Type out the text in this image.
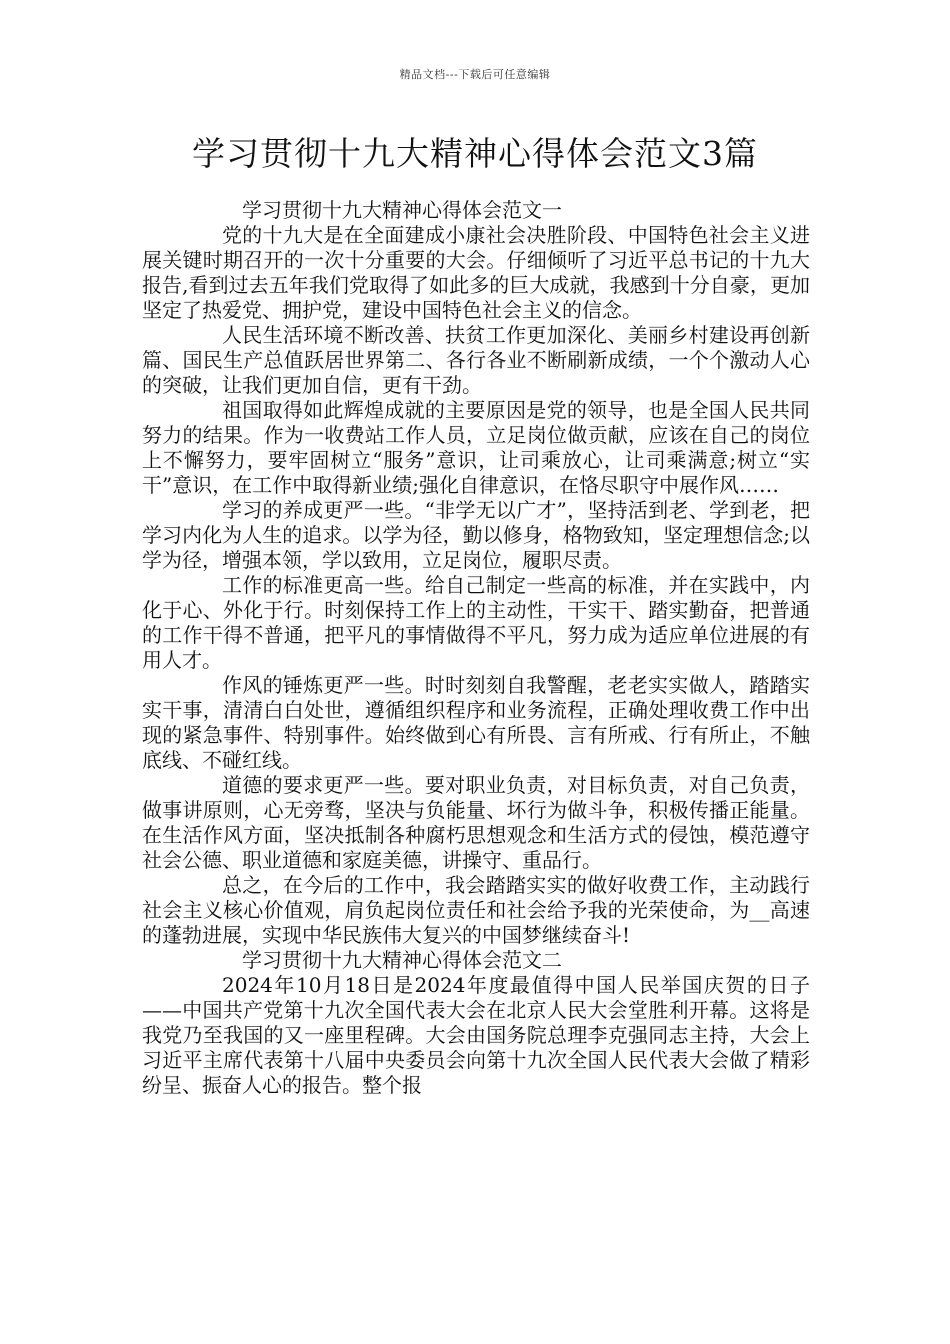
精品文档---下载后可任意编辑
学习贯彻十九大精神心得体会范文3篇

学习贯彻十九大精神心得体会范文一

党的十九大是在全面建成小康社会决胜阶段、中国特色社会主义进展关键时期召开的一次十分重要的大会。仔细倾听了习近平总书记的十九大报告,看到过去五年我们党取得了如此多的巨大成就，我感到十分自豪，更加坚定了热爱党、拥护党，建设中国特色社会主义的信念。

人民生活环境不断改善、扶贫工作更加深化、美丽乡村建设再创新篇、国民生产总值跃居世界第二、各行各业不断刷新成绩，一个个激动人心的突破，让我们更加自信，更有干劲。

祖国取得如此辉煌成就的主要原因是党的领导，也是全国人民共同努力的结果。作为一收费站工作人员，立足岗位做贡献，应该在自己的岗位上不懈努力，要牢固树立“服务”意识，让司乘放心，让司乘满意;树立“实干”意识，在工作中取得新业绩;强化自律意识，在恪尽职守中展作风……

学习的养成更严一些。“非学无以广才”，坚持活到老、学到老，把学习内化为人生的追求。以学为径，勤以修身，格物致知，坚定理想信念;以学为径，增强本领，学以致用，立足岗位，履职尽责。

工作的标准更高一些。给自己制定一些高的标准，并在实践中，内化于心、外化于行。时刻保持工作上的主动性，干实干、踏实勤奋，把普通的工作干得不普通，把平凡的事情做得不平凡，努力成为适应单位进展的有用人才。

作风的锤炼更严一些。时时刻刻自我警醒，老老实实做人，踏踏实实干事，清清白白处世，遵循组织程序和业务流程，正确处理收费工作中出现的紧急事件、特别事件。始终做到心有所畏、言有所戒、行有所止，不触底线、不碰红线。

道德的要求更严一些。要对职业负责，对目标负责，对自己负责，做事讲原则，心无旁骛，坚决与负能量、坏行为做斗争，积极传播正能量。在生活作风方面，坚决抵制各种腐朽思想观念和生活方式的侵蚀，模范遵守社会公德、职业道德和家庭美德，讲操守、重品行。

总之，在今后的工作中，我会踏踏实实的做好收费工作，主动践行社会主义核心价值观，肩负起岗位责任和社会给予我的光荣使命，为__高速的蓬勃进展，实现中华民族伟大复兴的中国梦继续奋斗!

学习贯彻十九大精神心得体会范文二

2024年10月18日是2024年度最值得中国人民举国庆贺的日子——中国共产党第十九次全国代表大会在北京人民大会堂胜利开幕。这将是我党乃至我国的又一座里程碑。大会由国务院总理李克强同志主持，大会上习近平主席代表第十八届中央委员会向第十九次全国人民代表大会做了精彩纷呈、振奋人心的报告。整个报
